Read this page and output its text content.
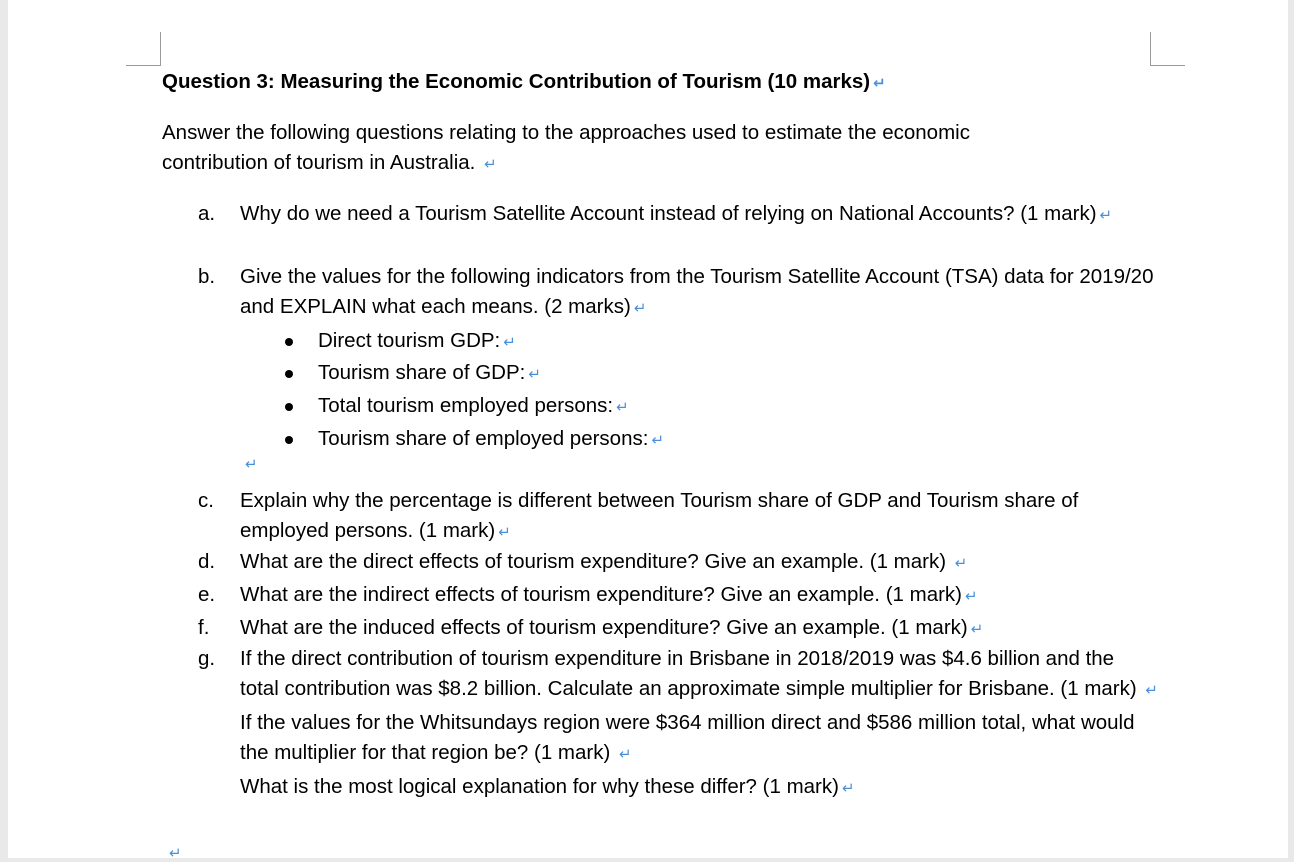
Question 3: Measuring the Economic Contribution of Tourism (10 marks) ↵
Answer the following questions relating to the approaches used to estimate the economic contribution of tourism in Australia. ↵
a.	Why do we need a Tourism Satellite Account instead of relying on National Accounts? (1 mark) ↵
b.	Give the values for the following indicators from the Tourism Satellite Account (TSA) data for 2019/20 and EXPLAIN what each means. (2 marks) ↵
Direct tourism GDP: ↵
Tourism share of GDP: ↵
Total tourism employed persons: ↵
Tourism share of employed persons: ↵
↵
c.	Explain why the percentage is different between Tourism share of GDP and Tourism share of employed persons. (1 mark) ↵
d.	What are the direct effects of tourism expenditure? Give an example. (1 mark) ↵
e.	What are the indirect effects of tourism expenditure? Give an example. (1 mark) ↵
f.	What are the induced effects of tourism expenditure? Give an example. (1 mark) ↵
g.	If the direct contribution of tourism expenditure in Brisbane in 2018/2019 was $4.6 billion and the total contribution was $8.2 billion. Calculate an approximate simple multiplier for Brisbane. (1 mark) ↵
If the values for the Whitsundays region were $364 million direct and $586 million total, what would the multiplier for that region be? (1 mark) ↵
What is the most logical explanation for why these differ? (1 mark) ↵
↵
